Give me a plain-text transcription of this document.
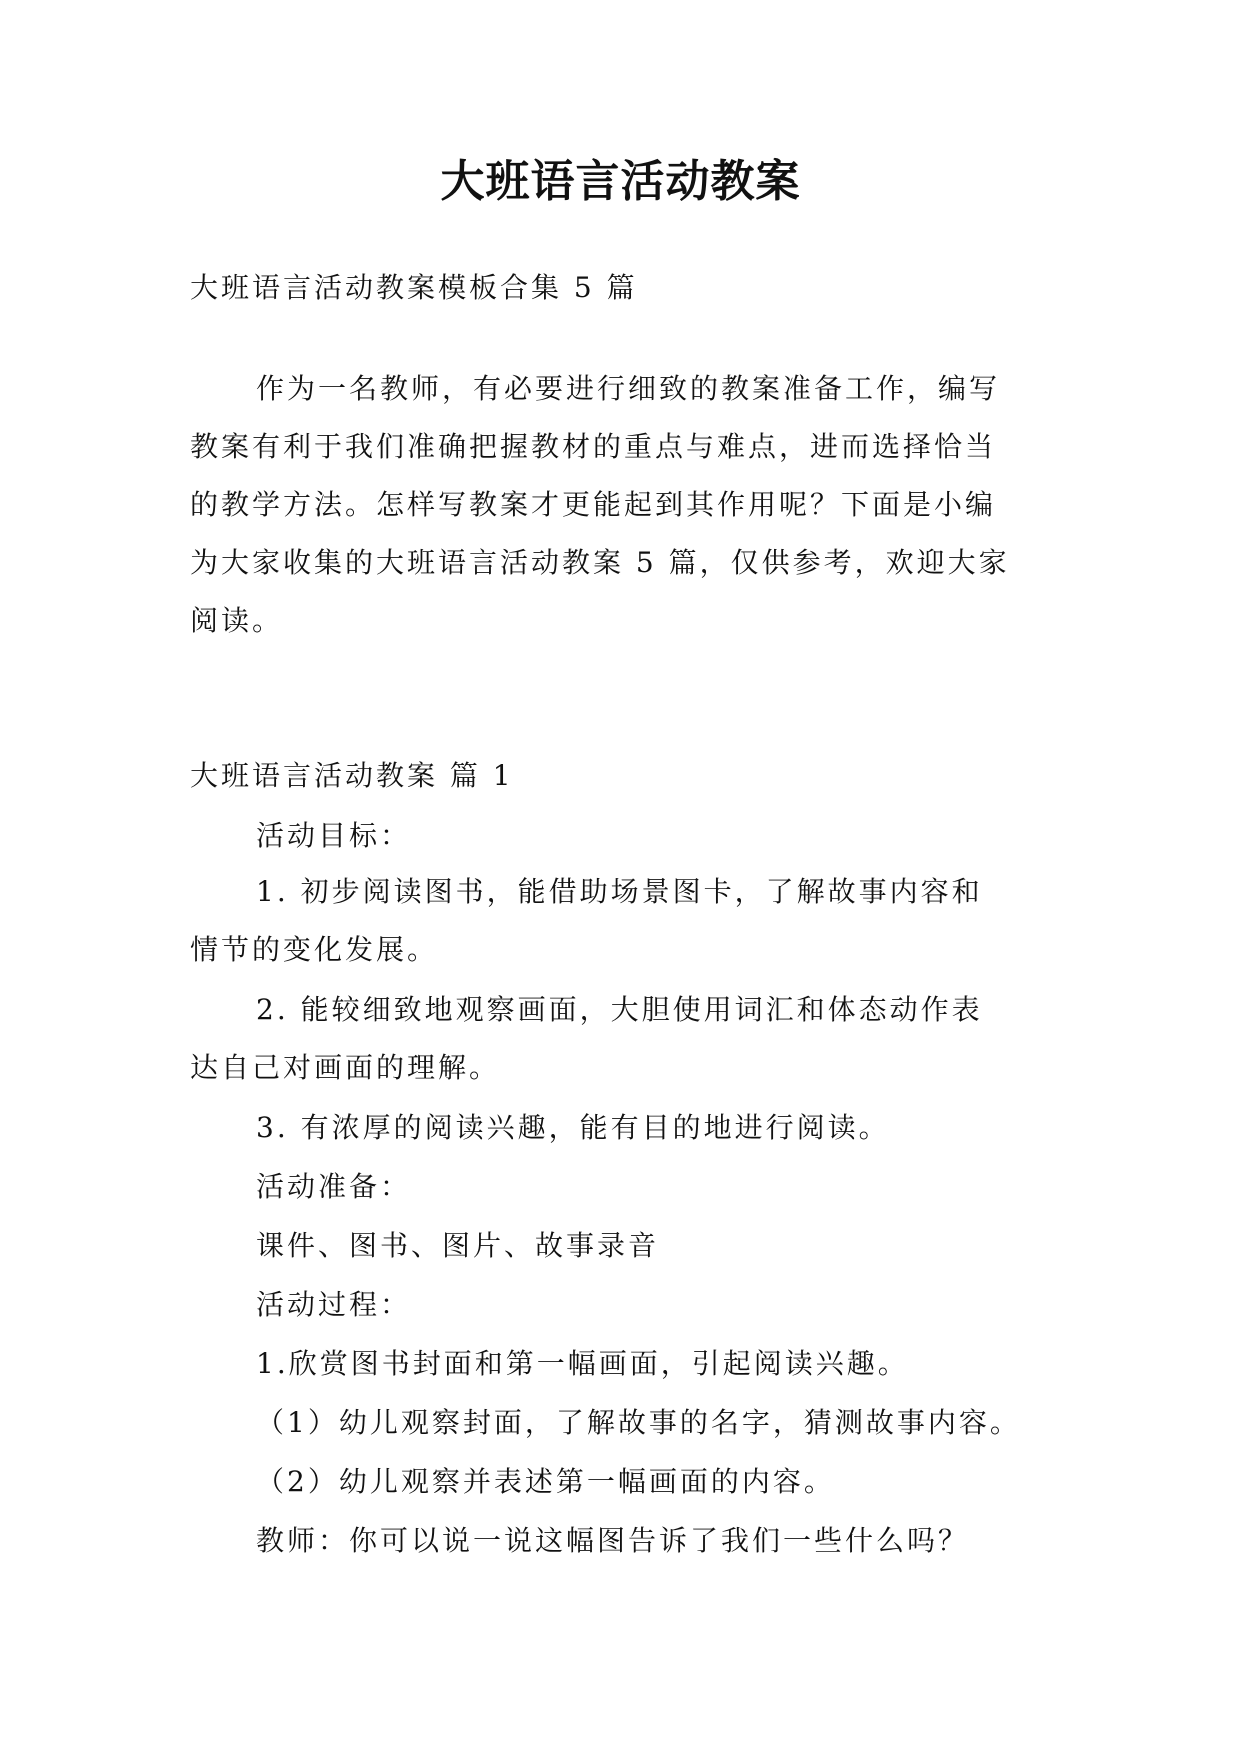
大班语言活动教案
大班语言活动教案模板合集 5 篇
作为一名教师，有必要进行细致的教案准备工作，编写
教案有利于我们准确把握教材的重点与难点，进而选择恰当
的教学方法。怎样写教案才更能起到其作用呢？下面是小编
为大家收集的大班语言活动教案 5 篇，仅供参考，欢迎大家
阅读。
大班语言活动教案 篇 1
活动目标：
1. 初步阅读图书，能借助场景图卡，了解故事内容和
情节的变化发展。
2. 能较细致地观察画面，大胆使用词汇和体态动作表
达自己对画面的理解。
3. 有浓厚的阅读兴趣，能有目的地进行阅读。
活动准备：
课件、图书、图片、故事录音
活动过程：
1.欣赏图书封面和第一幅画面，引起阅读兴趣。
（1）幼儿观察封面，了解故事的名字，猜测故事内容。
（2）幼儿观察并表述第一幅画面的内容。
教师：你可以说一说这幅图告诉了我们一些什么吗？
